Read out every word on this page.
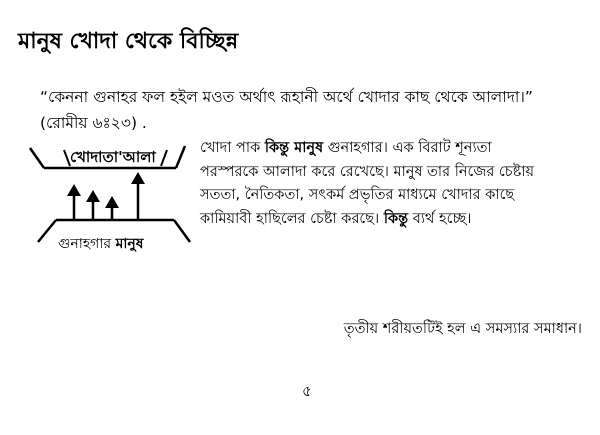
মানুষ খোদা থেকে বিচ্ছিন্ন
“কেননা গুনাহর ফল হইল মওত অর্থাৎ রূহানী অর্থে খোদার কাছ থেকে আলাদা।”
(রোমীয় ৬ঃ২৩) .
খোদাতা'আলা
গুনাহগার মানুষ
খোদা পাক কিন্তু মানুষ গুনাহগার। এক বিরাট শূন্যতা
পরস্পরকে আলাদা করে রেখেছে। মানুষ তার নিজের চেষ্টায়
সততা, নৈতিকতা, সৎকর্ম প্রভৃতির মাধ্যমে খোদার কাছে
কামিয়াবী হাছিলের চেষ্টা করছে। কিন্তু ব্যর্থ হচ্ছে।
তৃতীয় শরীয়তটিই হল এ সমস্যার সমাধান।
৫
